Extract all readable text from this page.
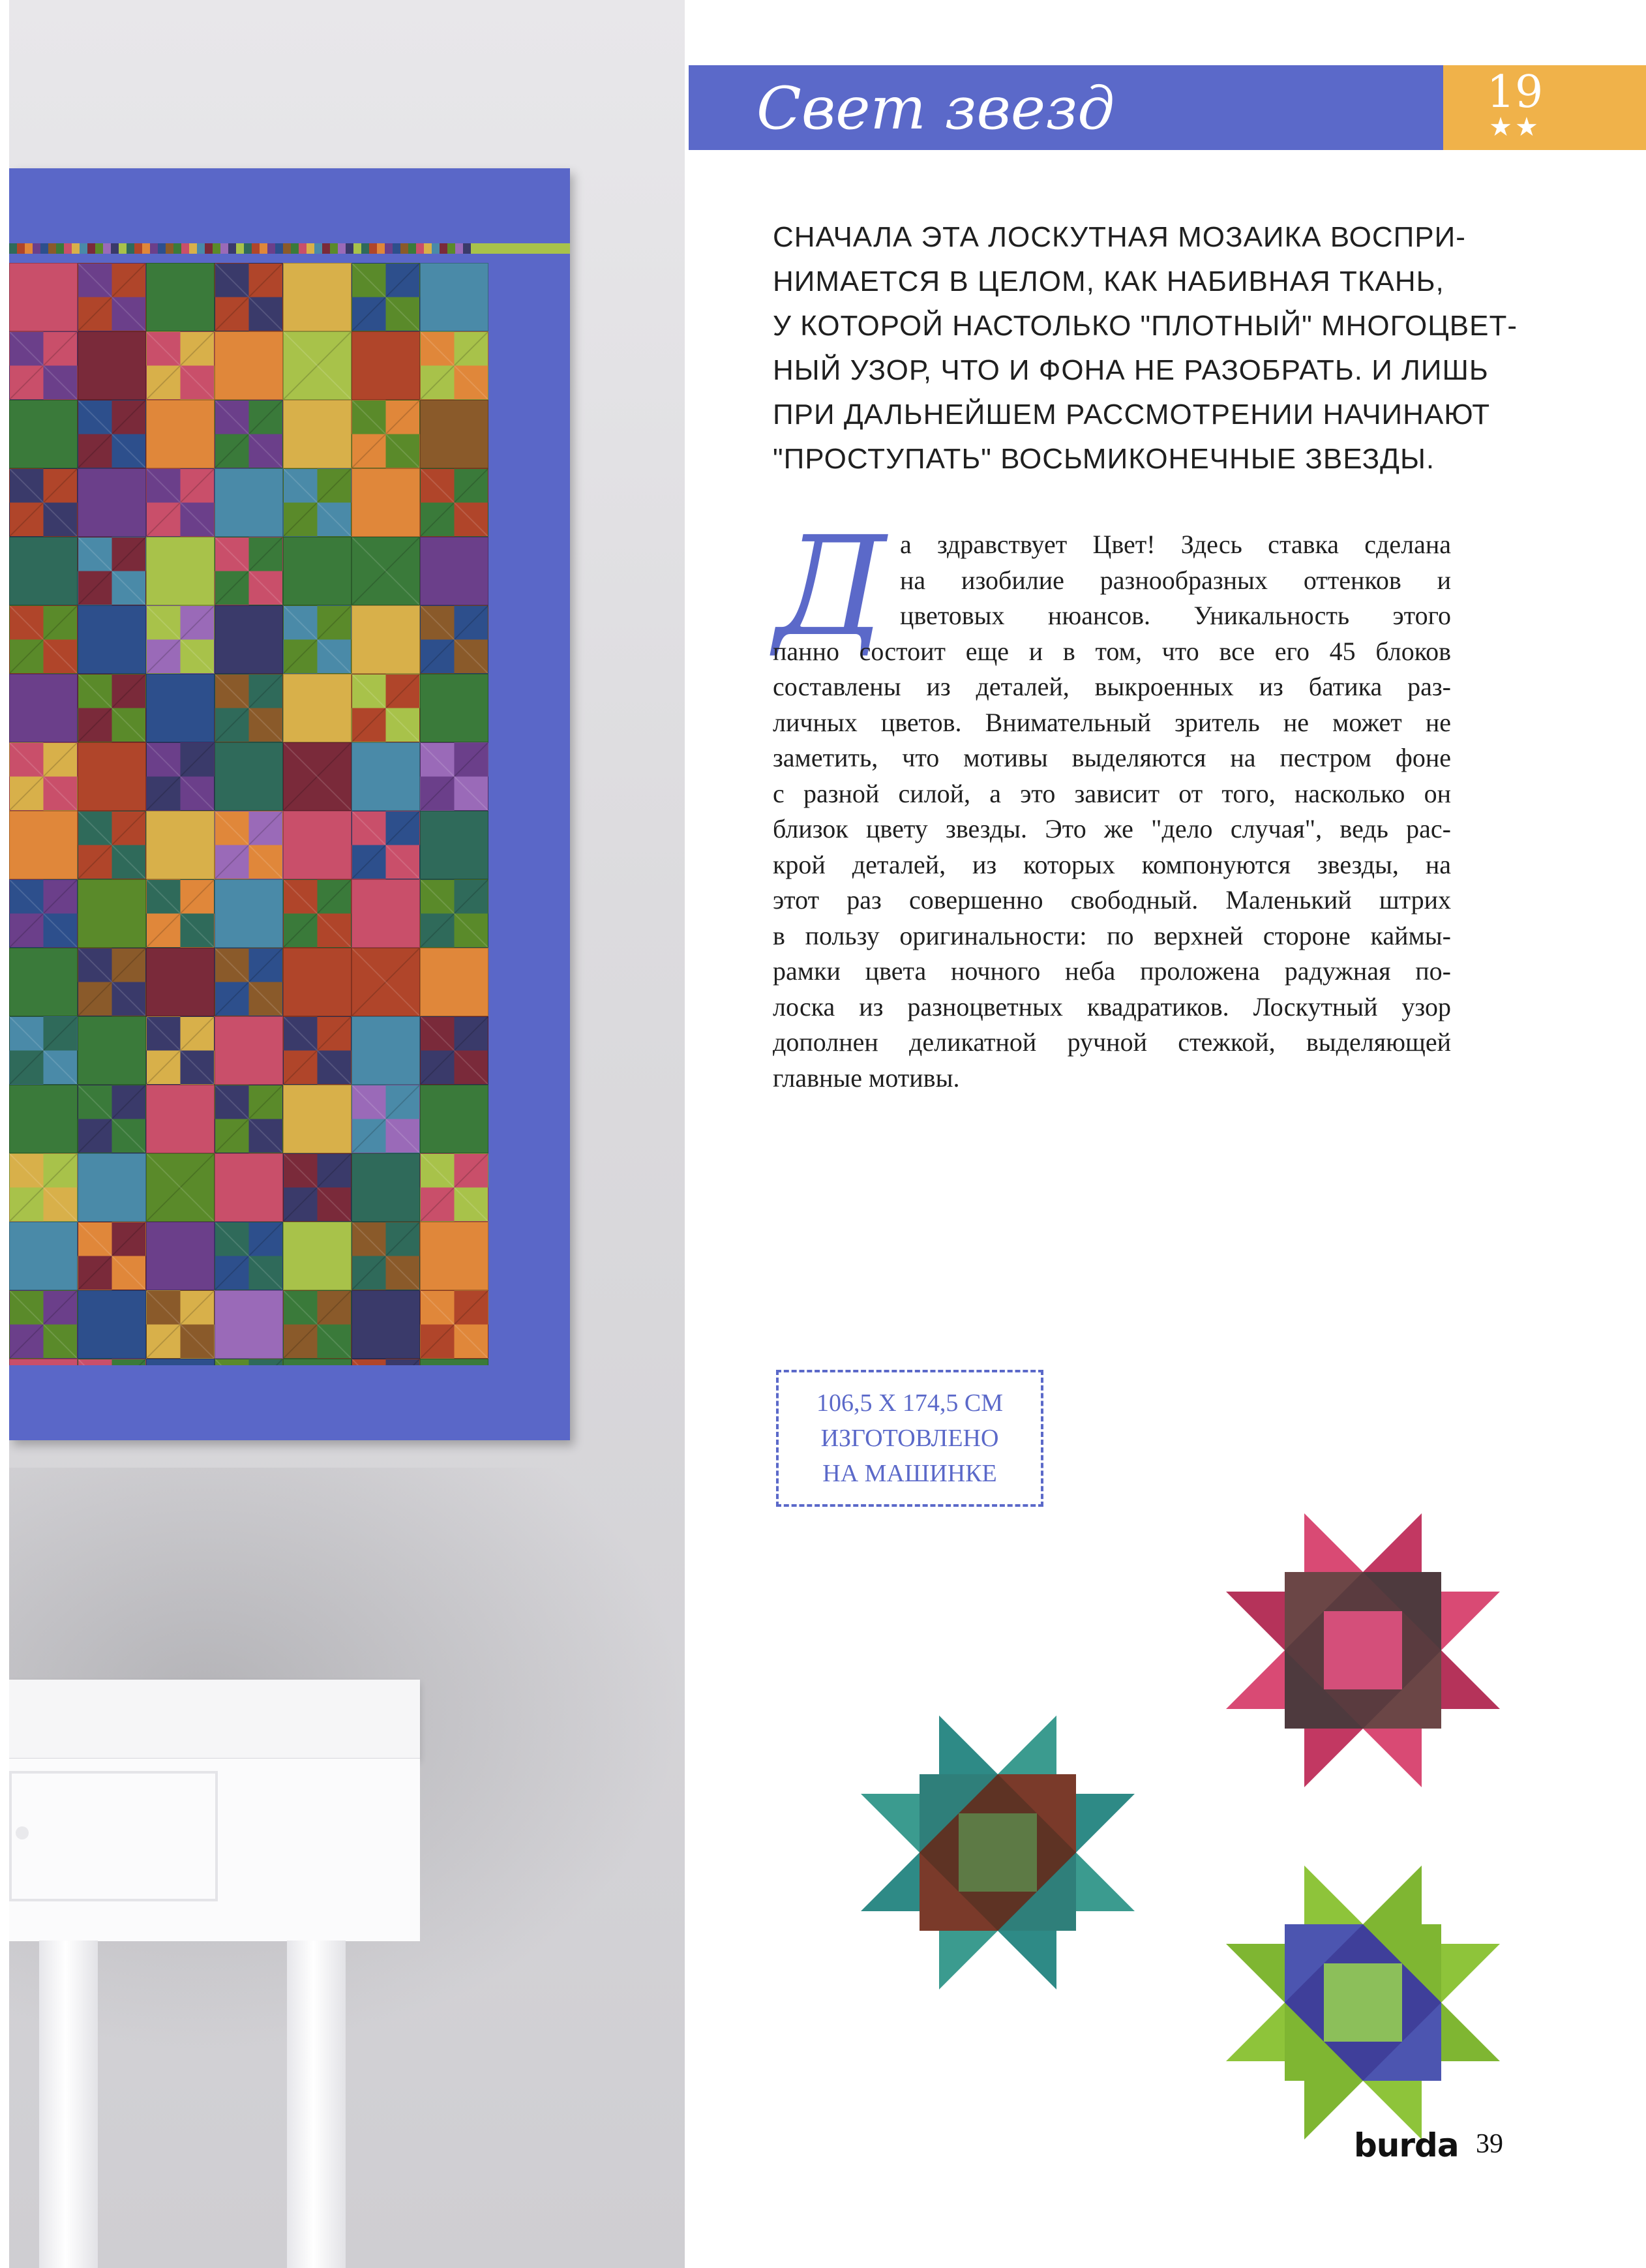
Свет звезд	19
★★
СНАЧАЛА ЭТА ЛОСКУТНАЯ МОЗАИКА ВОСПРИ-
НИМАЕТСЯ В ЦЕЛОМ, КАК НАБИВНАЯ ТКАНЬ,
У КОТОРОЙ НАСТОЛЬКО "ПЛОТНЫЙ" МНОГОЦВЕТ-
НЫЙ УЗОР, ЧТО И ФОНА НЕ РАЗОБРАТЬ. И ЛИШЬ
ПРИ ДАЛЬНЕЙШЕМ РАССМОТРЕНИИ НАЧИНАЮТ
"ПРОСТУПАТЬ" ВОСЬМИКОНЕЧНЫЕ ЗВЕЗДЫ.
Д а здравствует Цвет! Здесь ставка сделана
на изобилие разнообразных оттенков и
цветовых нюансов. Уникальность этого
панно состоит еще и в том, что все его 45 блоков
составлены из деталей, выкроенных из батика раз-
личных цветов. Внимательный зритель не может не
заметить, что мотивы выделяются на пестром фоне
с разной силой, а это зависит от того, насколько он
близок цвету звезды. Это же "дело случая", ведь рас-
крой деталей, из которых компонуются звезды, на
этот раз совершенно свободный. Маленький штрих
в пользу оригинальности: по верхней стороне каймы-
рамки цвета ночного неба проложена радужная по-
лоска из разноцветных квадратиков. Лоскутный узор
дополнен деликатной ручной стежкой, выделяющей
главные мотивы.
106,5 X 174,5 СМ
ИЗГОТОВЛЕНО
НА МАШИНКЕ
burda 39
